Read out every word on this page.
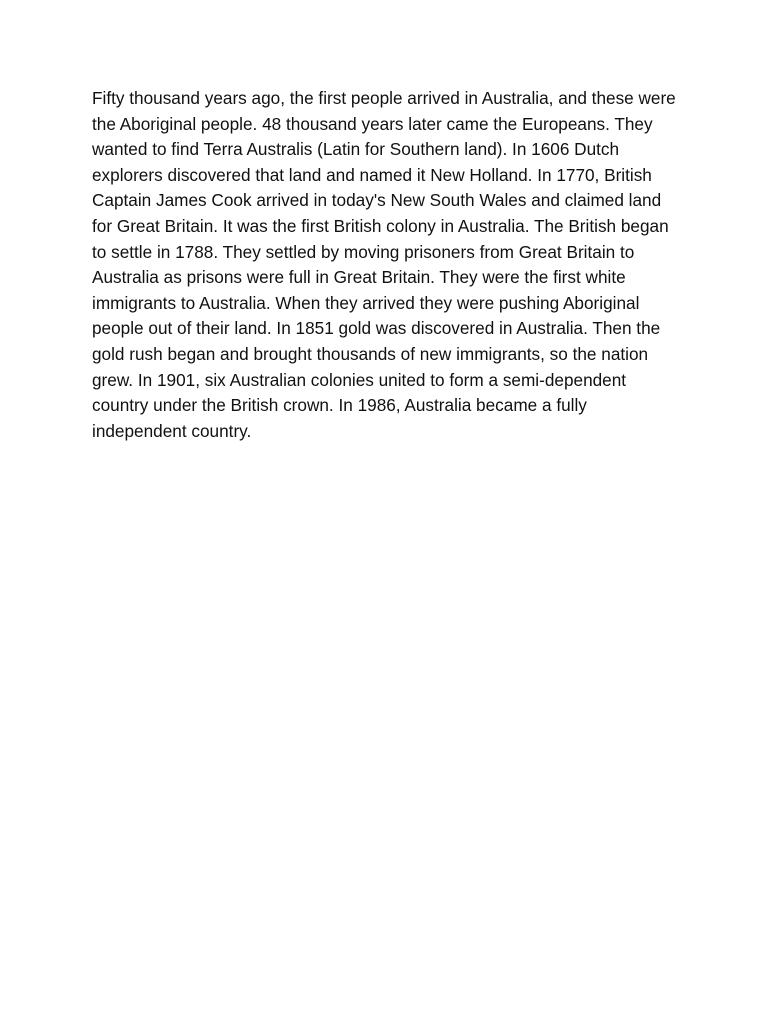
Fifty thousand years ago, the first people arrived in Australia, and these were the Aboriginal people. 48 thousand years later came the Europeans. They wanted to find Terra Australis (Latin for Southern land). In 1606 Dutch explorers discovered that land and named it New Holland. In 1770, British Captain James Cook arrived in today's New South Wales and claimed land for Great Britain. It was the first British colony in Australia. The British began to settle in 1788. They settled by moving prisoners from Great Britain to Australia as prisons were full in Great Britain. They were the first white immigrants to Australia. When they arrived they were pushing Aboriginal people out of their land. In 1851 gold was discovered in Australia. Then the gold rush began and brought thousands of new immigrants, so the nation grew. In 1901, six Australian colonies united to form a semi-dependent country under the British crown. In 1986, Australia became a fully independent country.
